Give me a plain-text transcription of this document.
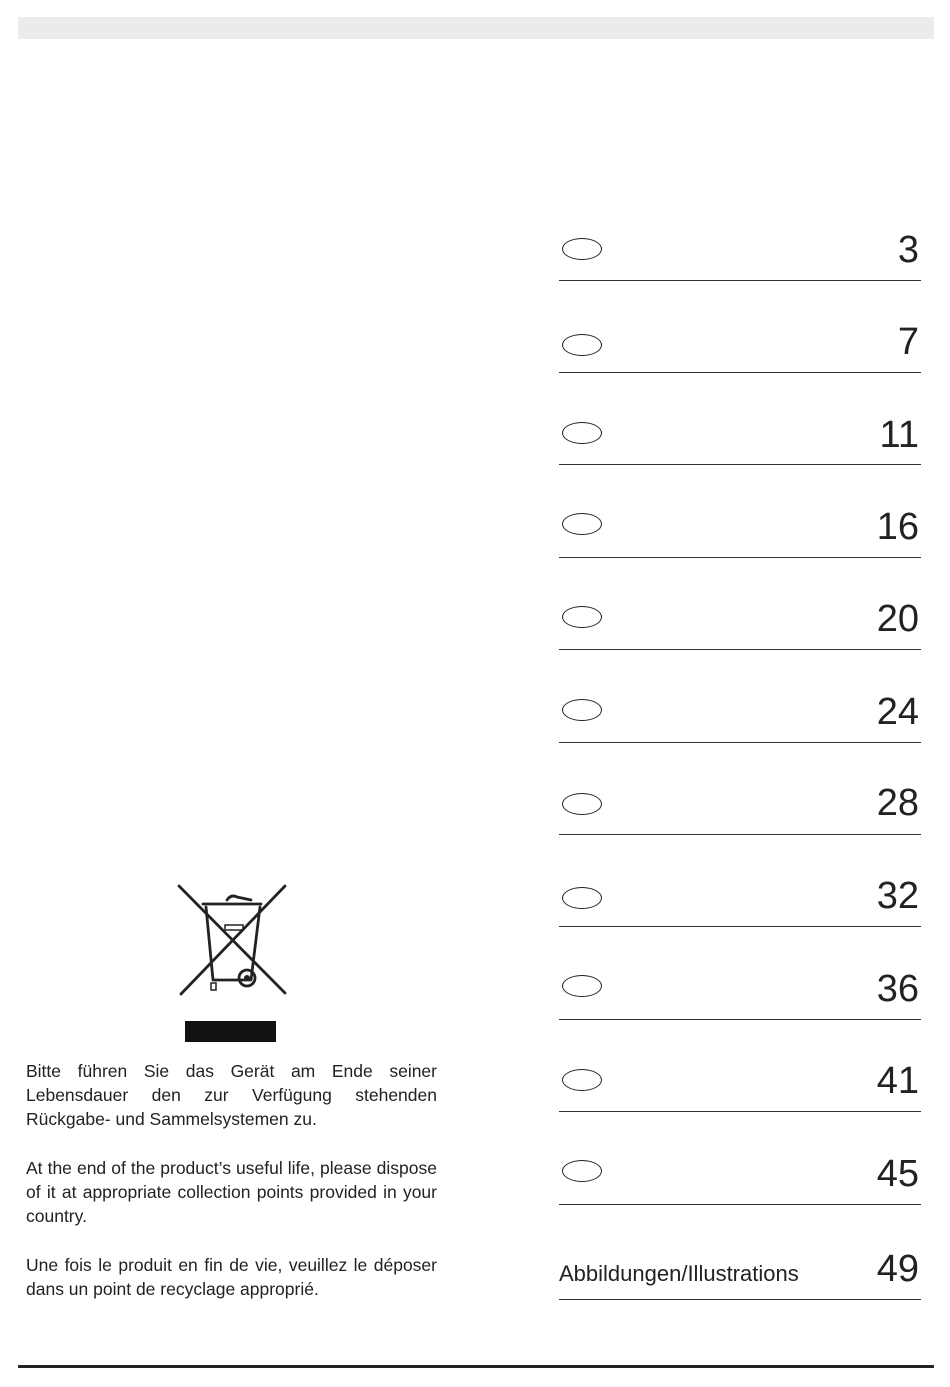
3
7
11
16
20
24
28
32
36
41
45
Abbildungen/Illustrations 49

Bitte führen Sie das Gerät am Ende seiner Lebensdauer den zur Verfügung stehenden Rückgabe- und Sammelsystemen zu.

At the end of the product’s useful life, please dispose of it at appropriate collection points provided in your country.

Une fois le produit en fin de vie, veuillez le déposer dans un point de recyclage approprié.
